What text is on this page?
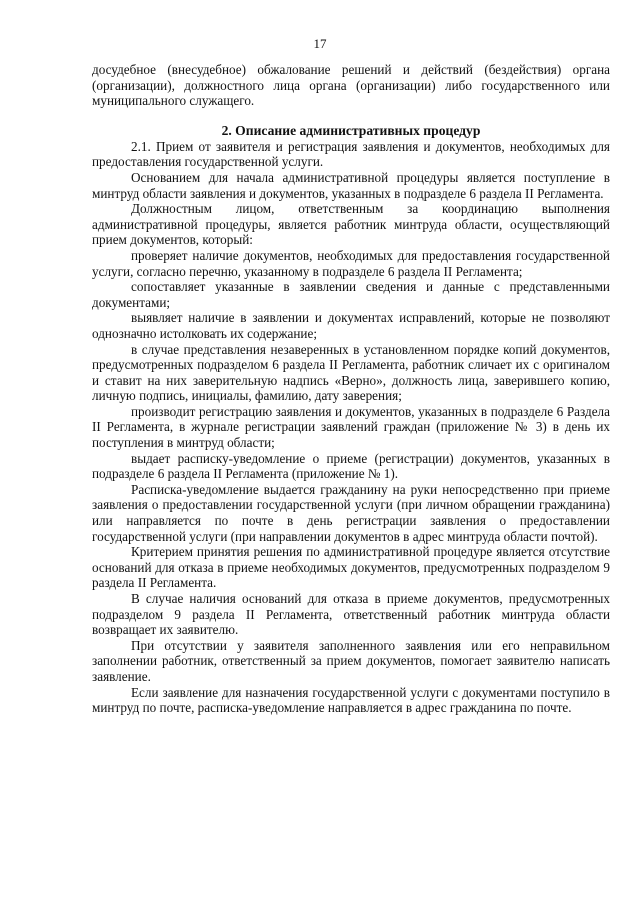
17

досудебное (внесудебное) обжалование решений и действий (бездействия) органа (организации), должностного лица органа (организации) либо государственного или муниципального служащего.

2. Описание административных процедур

2.1. Прием от заявителя и регистрация заявления и документов, необходимых для предоставления государственной услуги.

Основанием для начала административной процедуры является поступление в минтруд области заявления и документов, указанных в подразделе 6 раздела II Регламента.

Должностным лицом, ответственным за координацию выполнения административной процедуры, является работник минтруда области, осуществляющий прием документов, который:

проверяет наличие документов, необходимых для предоставления государственной услуги, согласно перечню, указанному в подразделе 6 раздела II Регламента;

сопоставляет указанные в заявлении сведения и данные с представленными документами;

выявляет наличие в заявлении и документах исправлений, которые не позволяют однозначно истолковать их содержание;

в случае представления незаверенных в установленном порядке копий документов, предусмотренных подразделом 6 раздела II Регламента, работник сличает их с оригиналом и ставит на них заверительную надпись «Верно», должность лица, заверившего копию, личную подпись, инициалы, фамилию, дату заверения;

производит регистрацию заявления и документов, указанных в подразделе 6 Раздела II Регламента, в журнале регистрации заявлений граждан (приложение № 3) в день их поступления в минтруд области;

выдает расписку-уведомление о приеме (регистрации) документов, указанных в подразделе 6 раздела II Регламента (приложение № 1).

Расписка-уведомление выдается гражданину на руки непосредственно при приеме заявления о предоставлении государственной услуги (при личном обращении гражданина) или направляется по почте в день регистрации заявления о предоставлении государственной услуги (при направлении документов в адрес минтруда области почтой).

Критерием принятия решения по административной процедуре является отсутствие оснований для отказа в приеме необходимых документов, предусмотренных подразделом 9 раздела II Регламента.

В случае наличия оснований для отказа в приеме документов, предусмотренных подразделом 9 раздела II Регламента, ответственный работник минтруда области возвращает их заявителю.

При отсутствии у заявителя заполненного заявления или его неправильном заполнении работник, ответственный за прием документов, помогает заявителю написать заявление.

Если заявление для назначения государственной услуги с документами поступило в минтруд по почте, расписка-уведомление направляется в адрес гражданина по почте.
